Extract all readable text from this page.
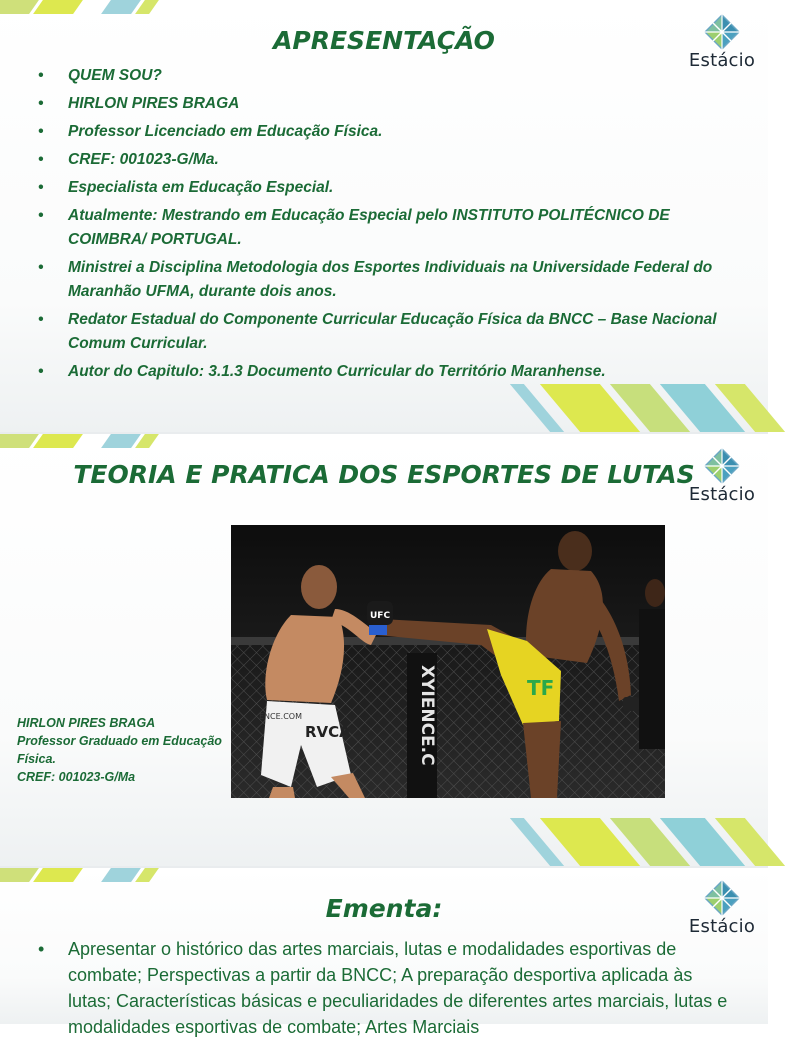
APRESENTAÇÃO
Estácio
• QUEM SOU?
• HIRLON PIRES BRAGA
• Professor Licenciado em Educação Física.
• CREF: 001023-G/Ma.
• Especialista em Educação Especial.
• Atualmente: Mestrando em Educação Especial pelo INSTITUTO POLITÉCNICO DE COIMBRA/ PORTUGAL.
• Ministrei a Disciplina Metodologia dos Esportes Individuais na Universidade Federal do Maranhão UFMA, durante dois anos.
• Redator Estadual do Componente Curricular Educação Física da BNCC – Base Nacional Comum Curricular.
• Autor do Capitulo: 3.1.3 Documento Curricular do Território Maranhense.
TEORIA E PRATICA DOS ESPORTES DE LUTAS
Estácio
HIRLON PIRES BRAGA
Professor Graduado em Educação Física.
CREF: 001023-G/Ma
XYIENCE.C
RVCA
ENCE.COM
TF
UFC
Ementa:
Estácio
• Apresentar o histórico das artes marciais, lutas e modalidades esportivas de combate; Perspectivas a partir da BNCC; A preparação desportiva aplicada às lutas; Características básicas e peculiaridades de diferentes artes marciais, lutas e modalidades esportivas de combate; Artes Marciais
